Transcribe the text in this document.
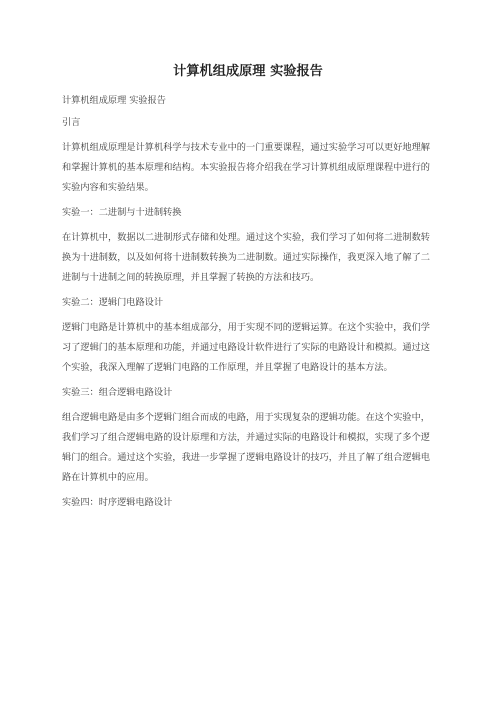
计算机组成原理 实验报告

计算机组成原理 实验报告

引言

计算机组成原理是计算机科学与技术专业中的一门重要课程，通过实验学习可以更好地理解和掌握计算机的基本原理和结构。本实验报告将介绍我在学习计算机组成原理课程中进行的实验内容和实验结果。

实验一：二进制与十进制转换

在计算机中，数据以二进制形式存储和处理。通过这个实验，我们学习了如何将二进制数转换为十进制数，以及如何将十进制数转换为二进制数。通过实际操作，我更深入地了解了二进制与十进制之间的转换原理，并且掌握了转换的方法和技巧。

实验二：逻辑门电路设计

逻辑门电路是计算机中的基本组成部分，用于实现不同的逻辑运算。在这个实验中，我们学习了逻辑门的基本原理和功能，并通过电路设计软件进行了实际的电路设计和模拟。通过这个实验，我深入理解了逻辑门电路的工作原理，并且掌握了电路设计的基本方法。

实验三：组合逻辑电路设计

组合逻辑电路是由多个逻辑门组合而成的电路，用于实现复杂的逻辑功能。在这个实验中，我们学习了组合逻辑电路的设计原理和方法，并通过实际的电路设计和模拟，实现了多个逻辑门的组合。通过这个实验，我进一步掌握了逻辑电路设计的技巧，并且了解了组合逻辑电路在计算机中的应用。

实验四：时序逻辑电路设计
